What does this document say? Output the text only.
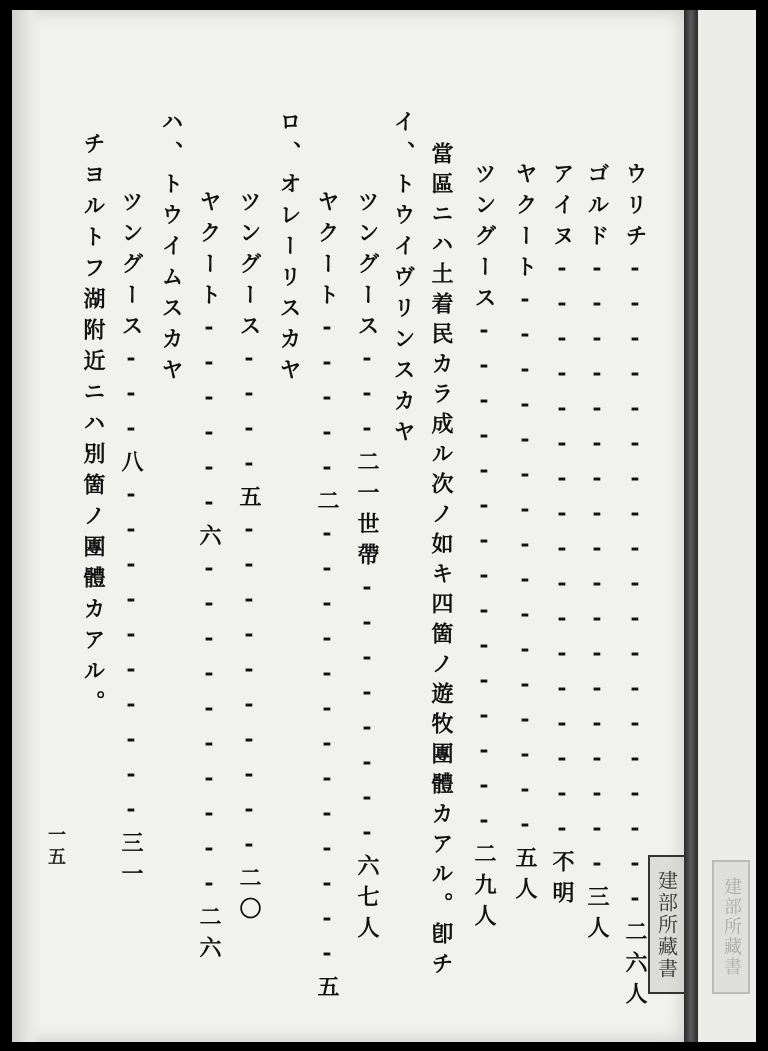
ウリチ-------------------二六人
ゴルド------------------三人
アイヌ-----------------不明
ヤクート----------------五人
ツングース---------------二九人
當區ニハ土着民カラ成ル次ノ如キ四箇ノ遊牧團體カアル。卽チ
イ、トウイヴリンスカヤ
ツングース---二一世帶--------六七人
ヤクート-----二-------------五
ロ、オレーリスカヤ
ツングース----五----------二〇
ヤクート------六----------二六
ハ、トウイムスカヤ
ツングース---八----------三一
チヨルトフ湖附近ニハ別箇ノ團體カアル。
一五
建部所藏書 建部所藏書
